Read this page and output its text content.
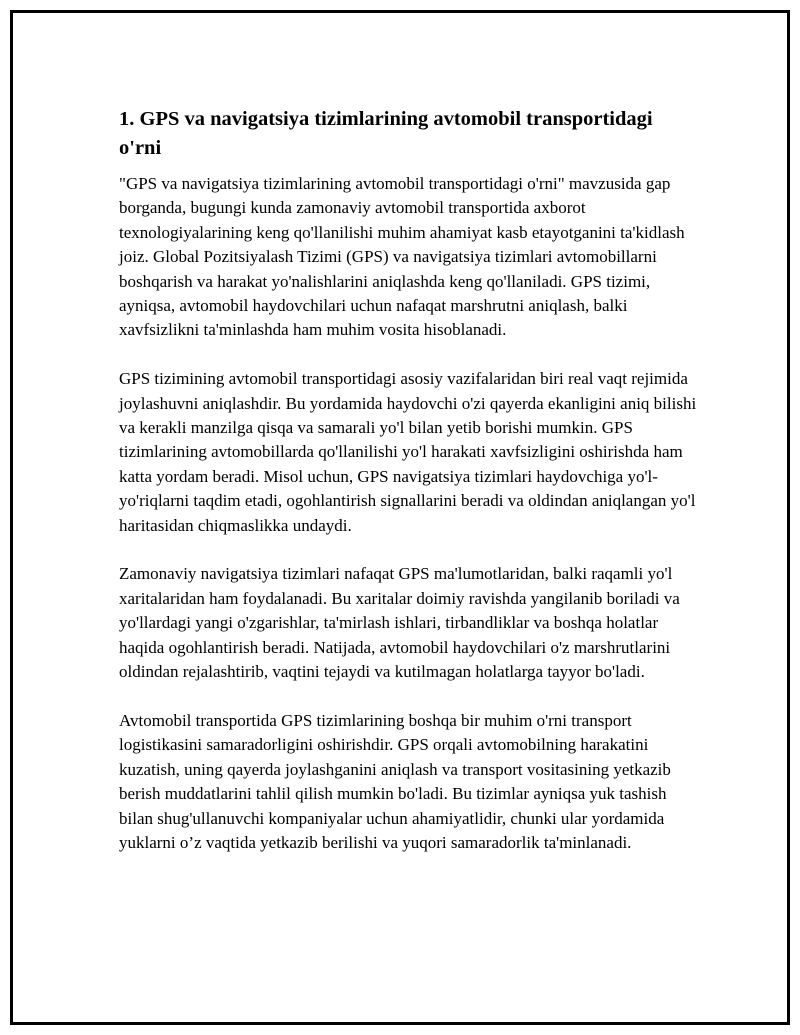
1. GPS va navigatsiya tizimlarining avtomobil transportidagi o'rni

"GPS va navigatsiya tizimlarining avtomobil transportidagi o'rni" mavzusida gap borganda, bugungi kunda zamonaviy avtomobil transportida axborot texnologiyalarining keng qo'llanilishi muhim ahamiyat kasb etayotganini ta'kidlash joiz. Global Pozitsiyalash Tizimi (GPS) va navigatsiya tizimlari avtomobillarni boshqarish va harakat yo'nalishlarini aniqlashda keng qo'llaniladi. GPS tizimi, ayniqsa, avtomobil haydovchilari uchun nafaqat marshrutni aniqlash, balki xavfsizlikni ta'minlashda ham muhim vosita hisoblanadi.

GPS tizimining avtomobil transportidagi asosiy vazifalaridan biri real vaqt rejimida joylashuvni aniqlashdir. Bu yordamida haydovchi o'zi qayerda ekanligini aniq bilishi va kerakli manzilga qisqa va samarali yo'l bilan yetib borishi mumkin. GPS tizimlarining avtomobillarda qo'llanilishi yo'l harakati xavfsizligini oshirishda ham katta yordam beradi. Misol uchun, GPS navigatsiya tizimlari haydovchiga yo'l-yo'riqlarni taqdim etadi, ogohlantirish signallarini beradi va oldindan aniqlangan yo'l haritasidan chiqmaslikka undaydi.

Zamonaviy navigatsiya tizimlari nafaqat GPS ma'lumotlaridan, balki raqamli yo'l xaritalaridan ham foydalanadi. Bu xaritalar doimiy ravishda yangilanib boriladi va yo'llardagi yangi o'zgarishlar, ta'mirlash ishlari, tirbandliklar va boshqa holatlar haqida ogohlantirish beradi. Natijada, avtomobil haydovchilari o'z marshrutlarini oldindan rejalashtirib, vaqtini tejaydi va kutilmagan holatlarga tayyor bo'ladi.

Avtomobil transportida GPS tizimlarining boshqa bir muhim o'rni transport logistikasini samaradorligini oshirishdir. GPS orqali avtomobilning harakatini kuzatish, uning qayerda joylashganini aniqlash va transport vositasining yetkazib berish muddatlarini tahlil qilish mumkin bo'ladi. Bu tizimlar ayniqsa yuk tashish bilan shug'ullanuvchi kompaniyalar uchun ahamiyatlidir, chunki ular yordamida yuklarni o’z vaqtida yetkazib berilishi va yuqori samaradorlik ta'minlanadi.
